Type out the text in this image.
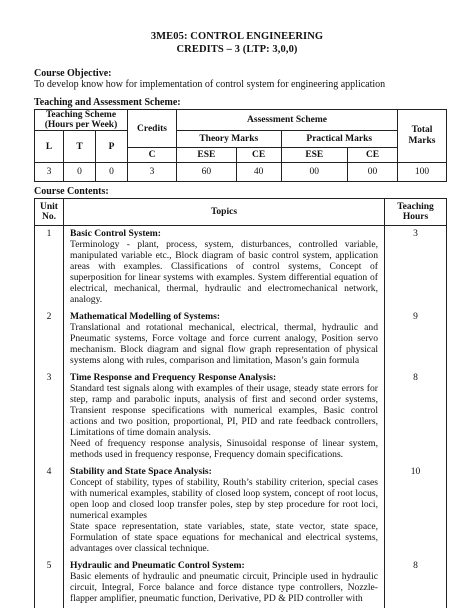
3ME05: CONTROL ENGINEERING
CREDITS – 3 (LTP: 3,0,0)
Course Objective:
To develop know how for implementation of control system for engineering application
Teaching and Assessment Scheme:
Teaching Scheme (Hours per Week)			Credits	Assessment Scheme				Total Marks
L	T	P		Theory Marks		Practical Marks		
			C	ESE	CE	ESE	CE	
3	0	0	3	60	40	00	00	100
Course Contents:
Unit No.	Topics	Teaching Hours
1	Basic Control System:
Terminology - plant, process, system, disturbances, controlled variable, manipulated variable etc., Block diagram of basic control system, application areas with examples. Classifications of control systems, Concept of superposition for linear systems with examples. System differential equation of electrical, mechanical, thermal, hydraulic and electromechanical network, analogy.	3
2	Mathematical Modelling of Systems:
Translational and rotational mechanical, electrical, thermal, hydraulic and Pneumatic systems, Force voltage and force current analogy, Position servo mechanism. Block diagram and signal flow graph representation of physical systems along with rules, comparison and limitation, Mason’s gain formula	9
3	Time Response and Frequency Response Analysis:
Standard test signals along with examples of their usage, steady state errors for step, ramp and parabolic inputs, analysis of first and second order systems, Transient response specifications with numerical examples, Basic control actions and two position, proportional, PI, PID and rate feedback controllers, Limitations of time domain analysis.
Need of frequency response analysis, Sinusoidal response of linear system, methods used in frequency response, Frequency domain specifications.	8
4	Stability and State Space Analysis:
Concept of stability, types of stability, Routh’s stability criterion, special cases with numerical examples, stability of closed loop system, concept of root locus, open loop and closed loop transfer poles, step by step procedure for root loci, numerical examples
State space representation, state variables, state, state vector, state space, Formulation of state space equations for mechanical and electrical systems, advantages over classical technique.	10
5	Hydraulic and Pneumatic Control System:
Basic elements of hydraulic and pneumatic circuit, Principle used in hydraulic circuit, Integral, Force balance and force distance type controllers, Nozzle-flapper amplifier, pneumatic function, Derivative, PD & PID controller with	8
